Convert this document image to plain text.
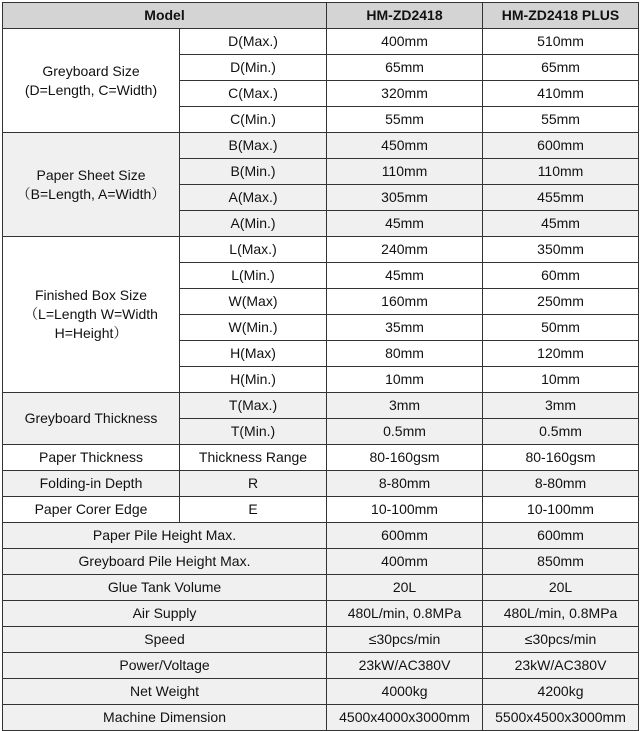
Model		HM-ZD2418	HM-ZD2418 PLUS

Greyboard Size
(D=Length, C=Width)	D(Max.)	400mm	510mm
	D(Min.)	65mm	65mm
	C(Max.)	320mm	410mm
	C(Min.)	55mm	55mm

Paper Sheet Size
（B=Length, A=Width）	B(Max.)	450mm	600mm
	B(Min.)	110mm	110mm
	A(Max.)	305mm	455mm
	A(Min.)	45mm	45mm

Finished Box Size
（L=Length W=Width
H=Height）	L(Max.)	240mm	350mm
	L(Min.)	45mm	60mm
	W(Max)	160mm	250mm
	W(Min.)	35mm	50mm
	H(Max)	80mm	120mm
	H(Min.)	10mm	10mm
Greyboard Thickness	T(Max.)	3mm	3mm
	T(Min.)	0.5mm	0.5mm
Paper Thickness	Thickness Range	80-160gsm	80-160gsm
Folding-in Depth	R	8-80mm	8-80mm
Paper Corer Edge	E	10-100mm	10-100mm
Paper Pile Height Max.		600mm	600mm
Greyboard Pile Height Max.		400mm	850mm
Glue Tank Volume		20L	20L
Air Supply		480L/min, 0.8MPa	480L/min, 0.8MPa
Speed		≤30pcs/min	≤30pcs/min
Power/Voltage		23kW/AC380V	23kW/AC380V
Net Weight		4000kg	4200kg
Machine Dimension		4500x4000x3000mm	5500x4500x3000mm
